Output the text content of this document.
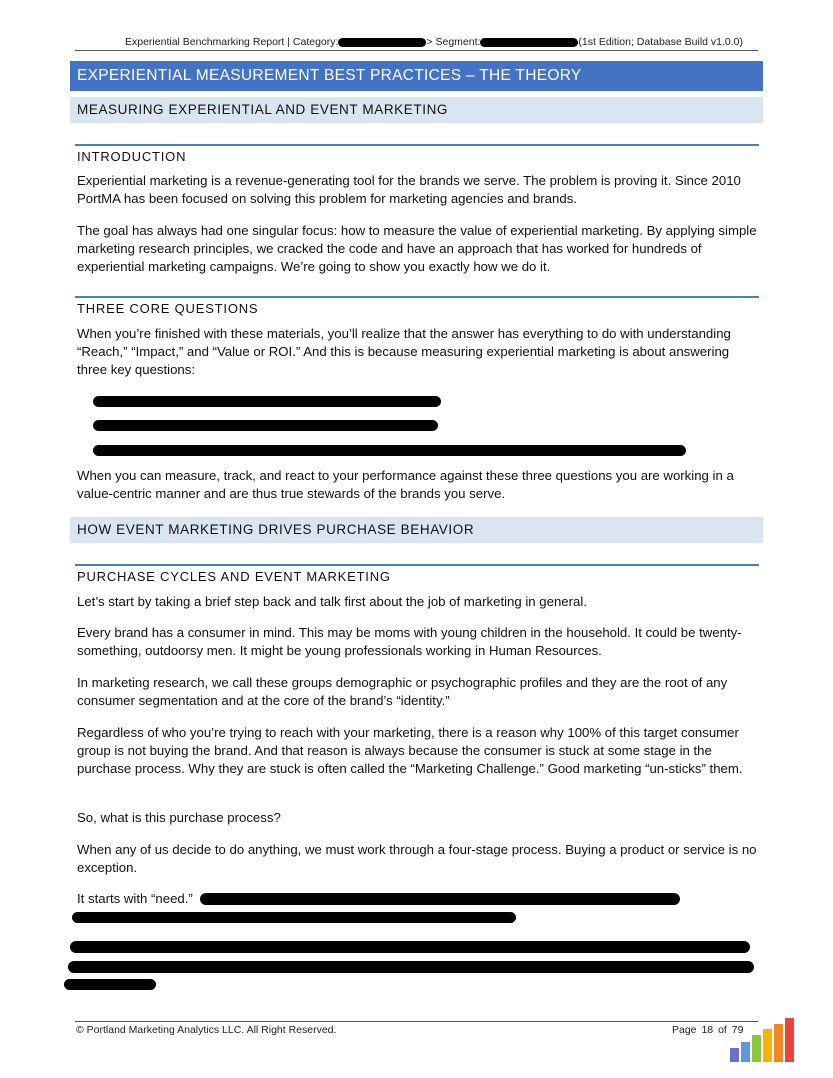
Experiential Benchmarking Report | Category:	> Segment:	(1st Edition; Database Build v1.0.0)
EXPERIENTIAL MEASUREMENT BEST PRACTICES – THE THEORY
MEASURING EXPERIENTIAL AND EVENT MARKETING
INTRODUCTION
Experiential marketing is a revenue-generating tool for the brands we serve. The problem is proving it. Since 2010 PortMA has been focused on solving this problem for marketing agencies and brands.
The goal has always had one singular focus: how to measure the value of experiential marketing. By applying simple marketing research principles, we cracked the code and have an approach that has worked for hundreds of experiential marketing campaigns. We’re going to show you exactly how we do it.
THREE CORE QUESTIONS
When you’re finished with these materials, you’ll realize that the answer has everything to do with understanding “Reach,” “Impact,” and “Value or ROI.” And this is because measuring experiential marketing is about answering three key questions:
When you can measure, track, and react to your performance against these three questions you are working in a value-centric manner and are thus true stewards of the brands you serve.
HOW EVENT MARKETING DRIVES PURCHASE BEHAVIOR
PURCHASE CYCLES AND EVENT MARKETING
Let’s start by taking a brief step back and talk first about the job of marketing in general.
Every brand has a consumer in mind. This may be moms with young children in the household. It could be twenty-something, outdoorsy men. It might be young professionals working in Human Resources.
In marketing research, we call these groups demographic or psychographic profiles and they are the root of any consumer segmentation and at the core of the brand’s “identity.”
Regardless of who you’re trying to reach with your marketing, there is a reason why 100% of this target consumer group is not buying the brand. And that reason is always because the consumer is stuck at some stage in the purchase process. Why they are stuck is often called the “Marketing Challenge.” Good marketing “un-sticks” them.
So, what is this purchase process?
When any of us decide to do anything, we must work through a four-stage process. Buying a product or service is no exception.
It starts with “need.”
© Portland Marketing Analytics LLC. All Right Reserved.	Page 18 of 79
